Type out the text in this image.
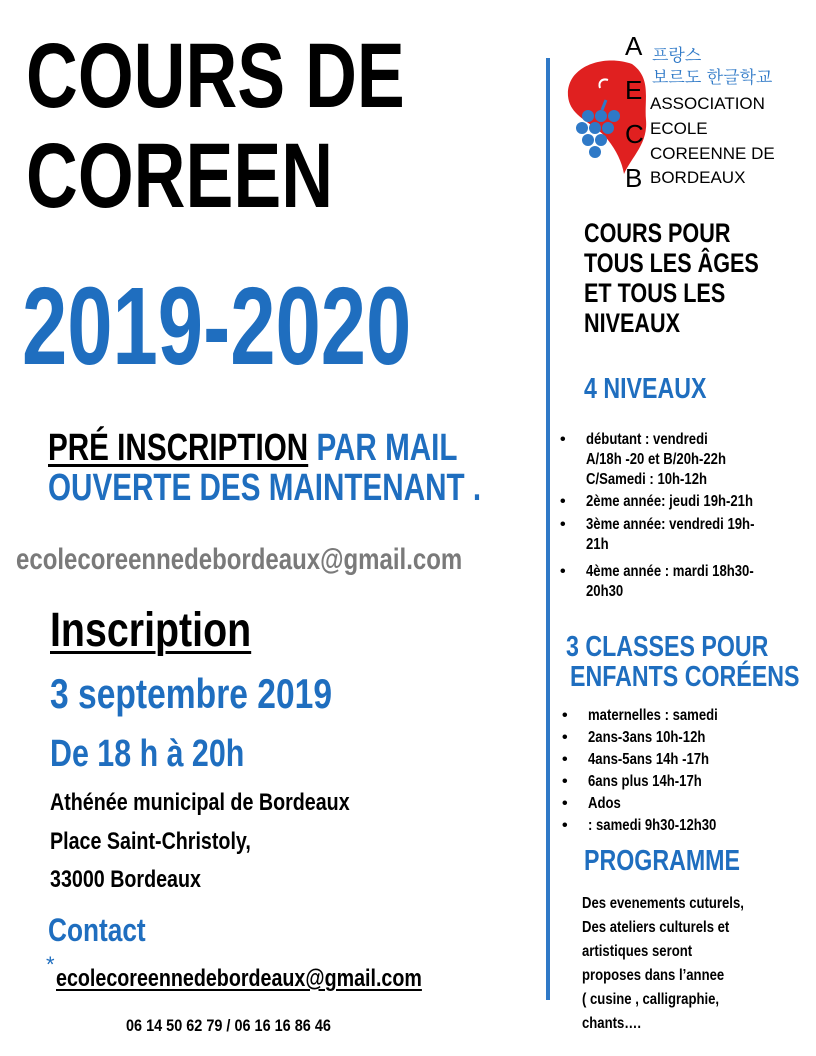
COURS DE
COREEN
2019-2020
PRÉ INSCRIPTION PAR MAIL
OUVERTE DES MAINTENANT .
ecolecoreennedebordeaux@gmail.com
Inscription
3 septembre 2019
De 18 h à 20h
Athénée municipal de Bordeaux
Place Saint-Christoly,
33000 Bordeaux
Contact
*
ecolecoreennedebordeaux@gmail.com
06 14 50 62 79 / 06 16 16 86 46
A
E
C
B
프랑스
보르도 한글학교
ASSOCIATION
ECOLE
COREENNE DE
BORDEAUX
COURS POUR
TOUS LES ÂGES
ET TOUS LES
NIVEAUX
4 NIVEAUX
• débutant : vendredi
A/18h -20 et B/20h-22h
C/Samedi : 10h-12h
• 2ème année: jeudi 19h-21h
• 3ème année: vendredi 19h-
21h
• 4ème année : mardi 18h30-
20h30
3 CLASSES POUR
ENFANTS CORÉENS
• maternelles : samedi
• 2ans-3ans 10h-12h
• 4ans-5ans 14h -17h
• 6ans plus 14h-17h
• Ados
• : samedi 9h30-12h30
PROGRAMME
Des evenements cuturels,
Des ateliers culturels et
artistiques seront
proposes dans l’annee
( cusine , calligraphie,
chants….
